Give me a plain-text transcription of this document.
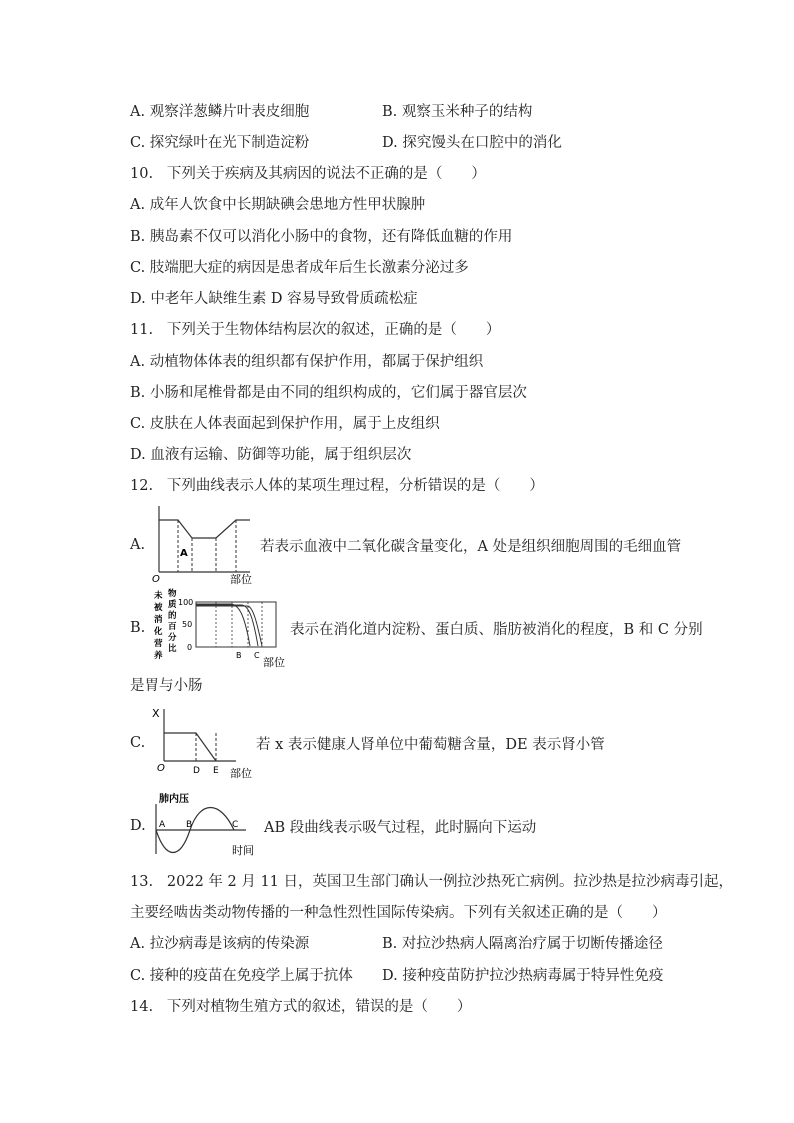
A. 观察洋葱鳞片叶表皮细胞	B. 观察玉米种子的结构
C. 探究绿叶在光下制造淀粉	D. 探究馒头在口腔中的消化
10.   下列关于疾病及其病因的说法不正确的是（　　）
A. 成年人饮食中长期缺碘会患地方性甲状腺肿
B. 胰岛素不仅可以消化小肠中的食物，还有降低血糖的作用
C. 肢端肥大症的病因是患者成年后生长激素分泌过多
D. 中老年人缺维生素 D 容易导致骨质疏松症
11.   下列关于生物体结构层次的叙述，正确的是（　　）
A. 动植物体体表的组织都有保护作用，都属于保护组织
B. 小肠和尾椎骨都是由不同的组织构成的，它们属于器官层次
C. 皮肤在人体表面起到保护作用，属于上皮组织
D. 血液有运输、防御等功能，属于组织层次
12.   下列曲线表示人体的某项生理过程，分析错误的是（　　）
A.
O
A
部位
若表示血液中二氧化碳含量变化，A 处是组织细胞周围的毛细血管
B.
未 物
被 质
消 的
化 百
营
分
养
比
100
50
0
B C
部位
表示在消化道内淀粉、蛋白质、脂肪被消化的程度，B 和 C 分别
是胃与小肠
C.
X
O	D E 部位
若 x 表示健康人肾单位中葡萄糖含量，DE 表示肾小管
D.
肺内压
A B	C
时间
AB 段曲线表示吸气过程，此时膈向下运动
13.   2022 年 2 月 11 日，英国卫生部门确认一例拉沙热死亡病例。拉沙热是拉沙病毒引起，
主要经啮齿类动物传播的一种急性烈性国际传染病。下列有关叙述正确的是（　　）
A. 拉沙病毒是该病的传染源	B. 对拉沙热病人隔离治疗属于切断传播途径
C. 接种的疫苗在免疫学上属于抗体 D. 接种疫苗防护拉沙热病毒属于特异性免疫
14.   下列对植物生殖方式的叙述，错误的是（　　）
